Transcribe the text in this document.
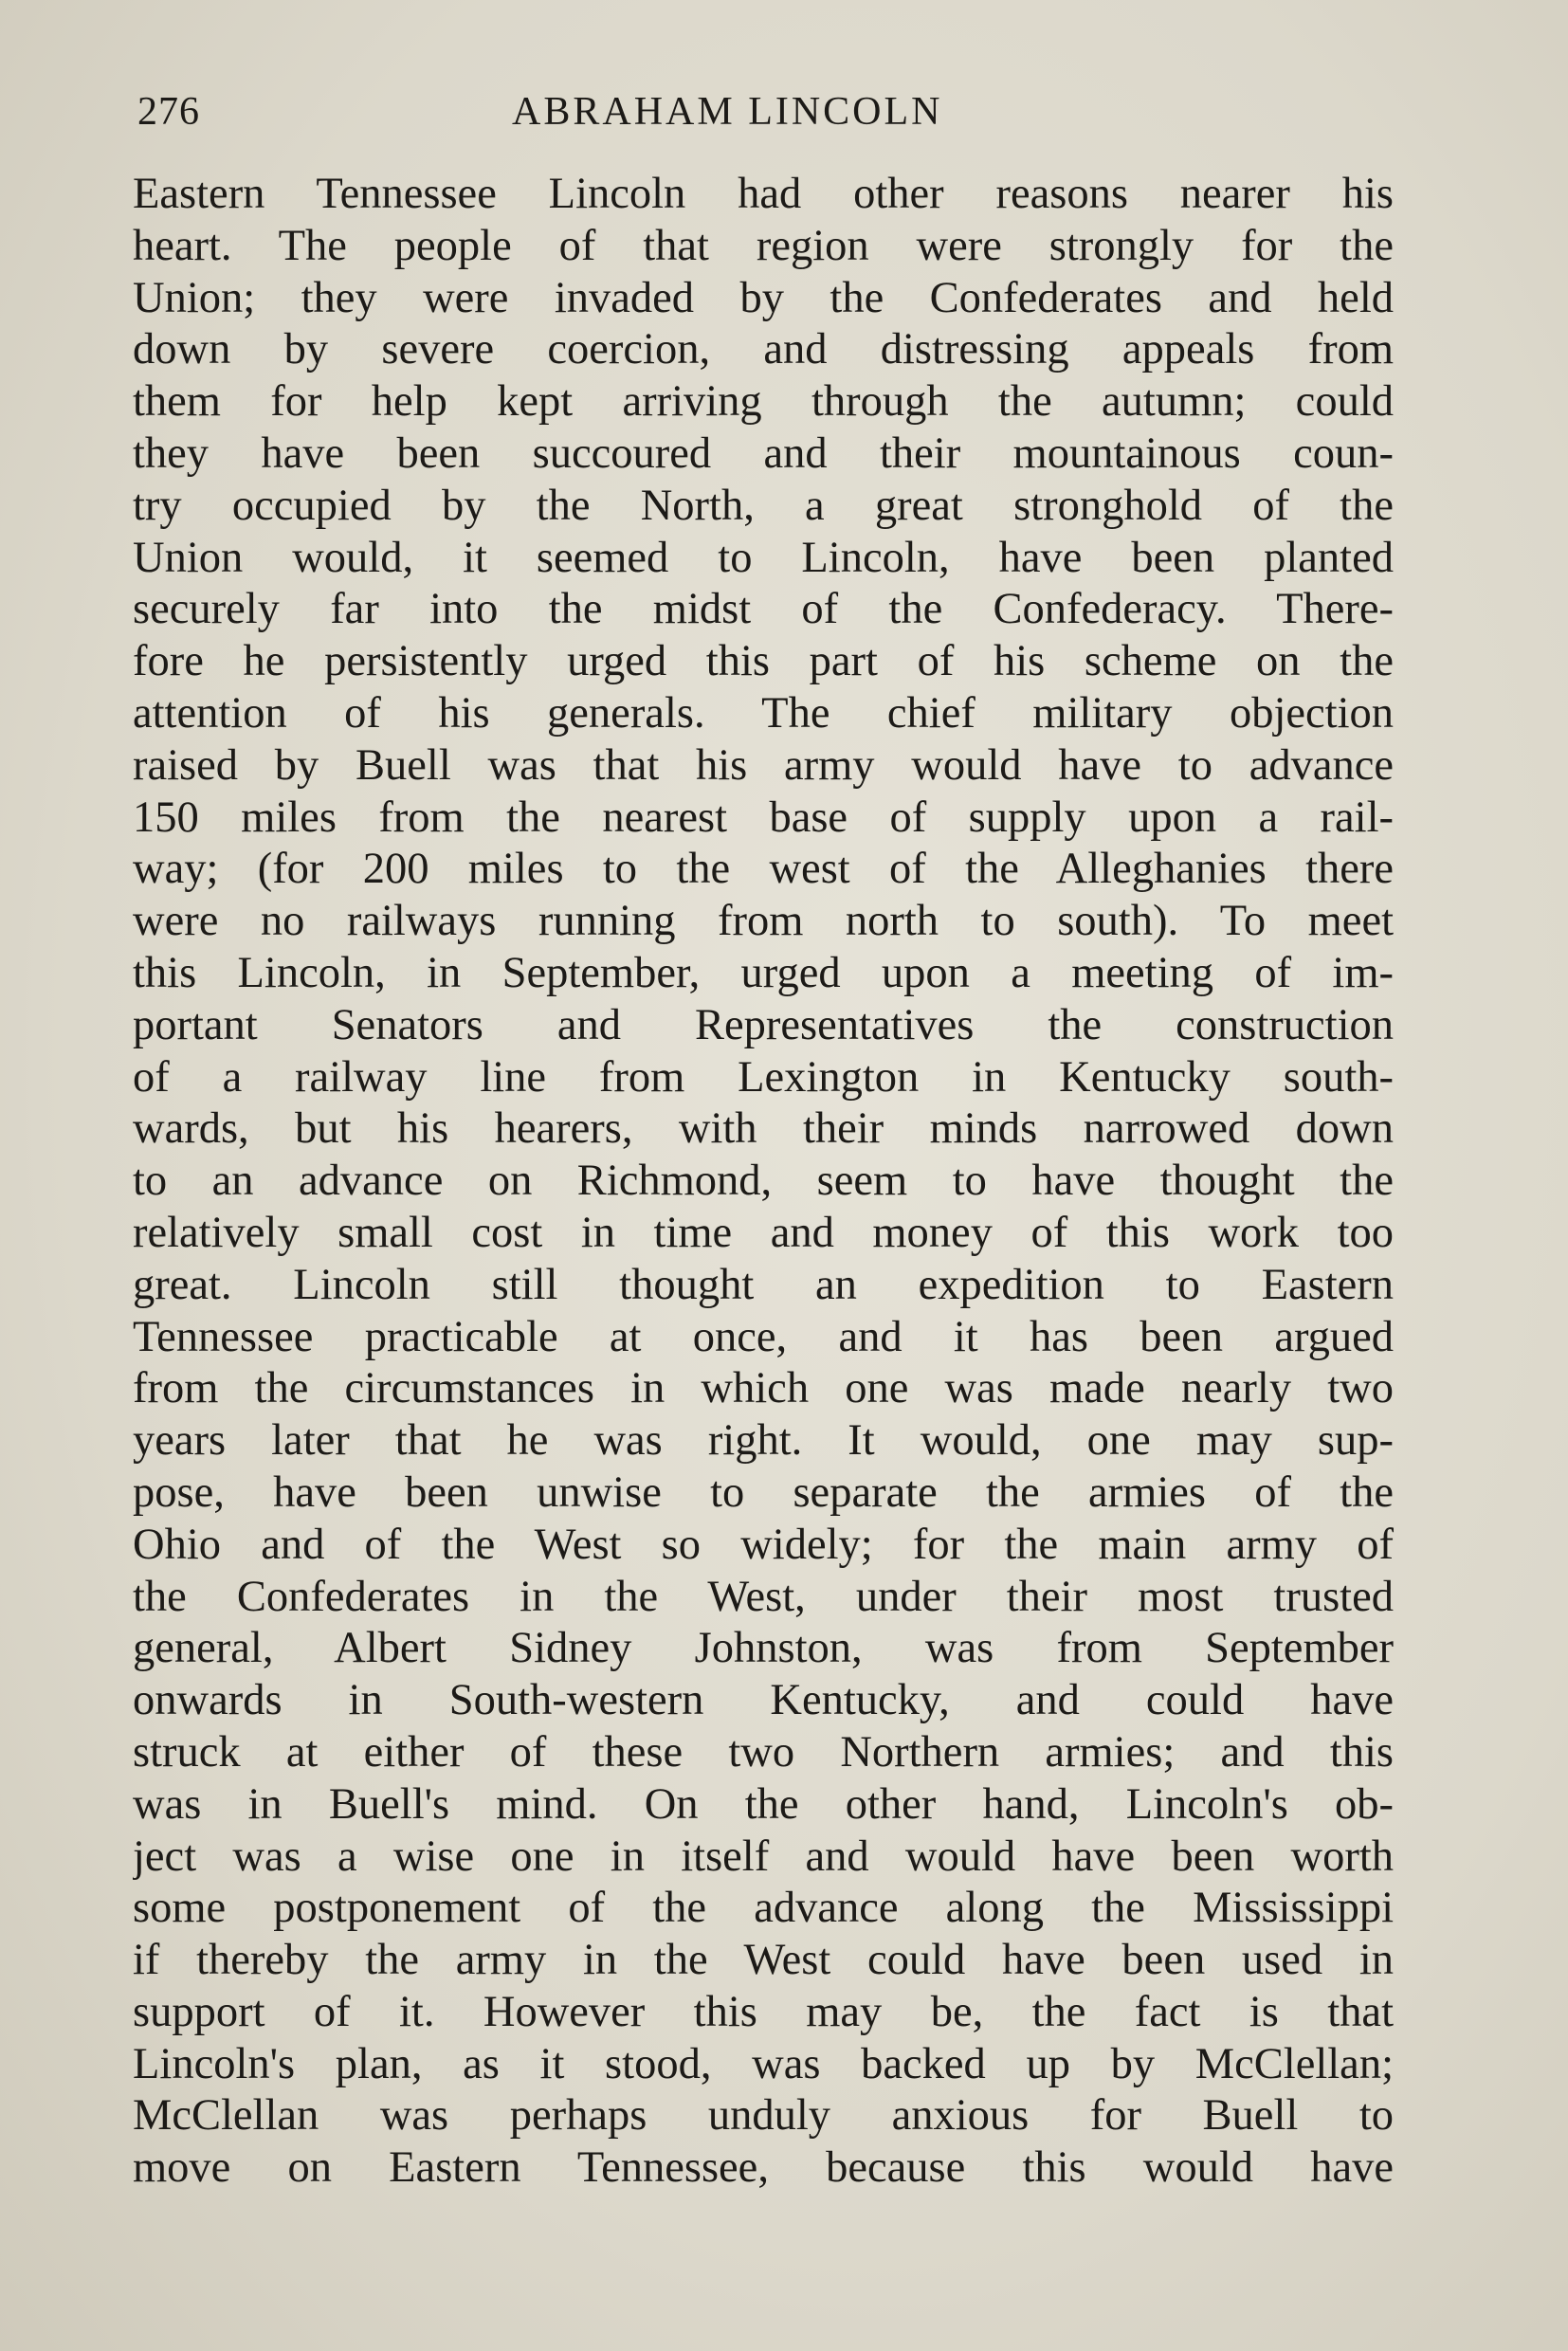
276	ABRAHAM LINCOLN
Eastern Tennessee Lincoln had other reasons nearer his
heart. The people of that region were strongly for the
Union; they were invaded by the Confederates and held
down by severe coercion, and distressing appeals from
them for help kept arriving through the autumn; could
they have been succoured and their mountainous coun-
try occupied by the North, a great stronghold of the
Union would, it seemed to Lincoln, have been planted
securely far into the midst of the Confederacy. There-
fore he persistently urged this part of his scheme on the
attention of his generals. The chief military objection
raised by Buell was that his army would have to advance
150 miles from the nearest base of supply upon a rail-
way; (for 200 miles to the west of the Alleghanies there
were no railways running from north to south). To meet
this Lincoln, in September, urged upon a meeting of im-
portant Senators and Representatives the construction
of a railway line from Lexington in Kentucky south-
wards, but his hearers, with their minds narrowed down
to an advance on Richmond, seem to have thought the
relatively small cost in time and money of this work too
great. Lincoln still thought an expedition to Eastern
Tennessee practicable at once, and it has been argued
from the circumstances in which one was made nearly two
years later that he was right. It would, one may sup-
pose, have been unwise to separate the armies of the
Ohio and of the West so widely; for the main army of
the Confederates in the West, under their most trusted
general, Albert Sidney Johnston, was from September
onwards in South-western Kentucky, and could have
struck at either of these two Northern armies; and this
was in Buell's mind. On the other hand, Lincoln's ob-
ject was a wise one in itself and would have been worth
some postponement of the advance along the Mississippi
if thereby the army in the West could have been used in
support of it. However this may be, the fact is that
Lincoln's plan, as it stood, was backed up by McClellan;
McClellan was perhaps unduly anxious for Buell to
move on Eastern Tennessee, because this would have
